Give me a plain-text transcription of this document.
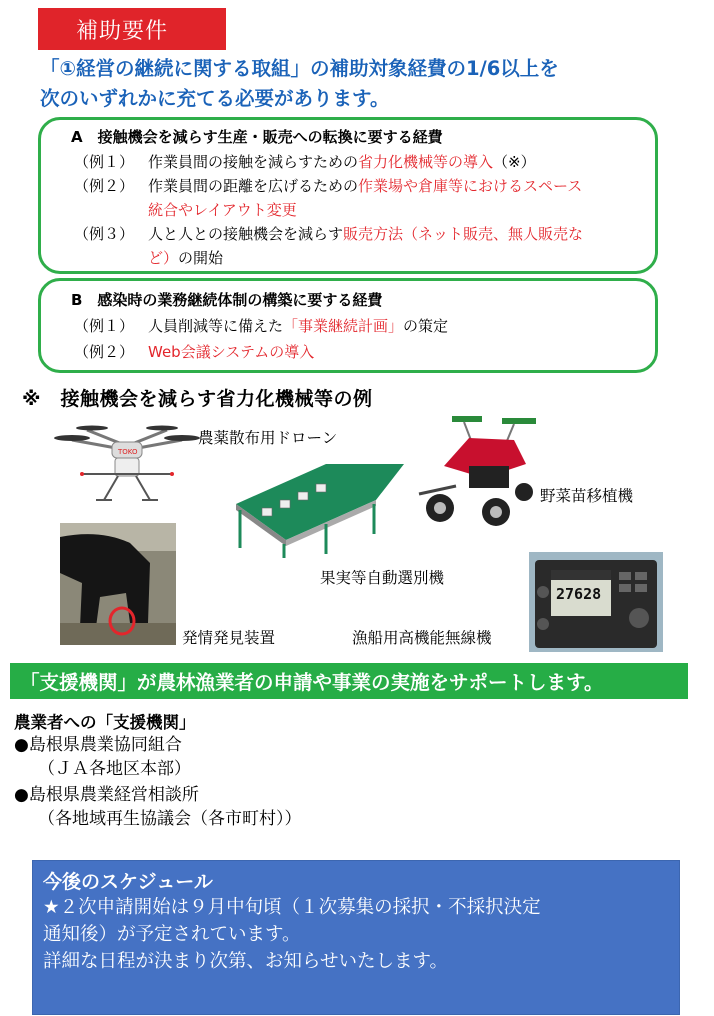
補助要件
「①経営の継続に関する取組」の補助対象経費の1/6以上を
次のいずれかに充てる必要があります。
A　接触機会を減らす生産・販売への転換に要する経費
（例１） 作業員間の接触を減らすための省力化機械等の導入（※）
（例２） 作業員間の距離を広げるための作業場や倉庫等におけるスペース
統合やレイアウト変更
（例３） 人と人との接触機会を減らす販売方法（ネット販売、無人販売な
ど）の開始
B　感染時の業務継続体制の構築に要する経費
（例１） 人員削減等に備えた「事業継続計画」の策定
（例２） Web会議システムの導入
※　接触機会を減らす省力化機械等の例
TOKO
農薬散布用ドローン
野菜苗移植機
果実等自動選別機
発情発見装置
27628
漁船用高機能無線機
「支援機関」が農林漁業者の申請や事業の実施をサポートします。
農業者への「支援機関」
●島根県農業協同組合
（ＪＡ各地区本部）
●島根県農業経営相談所
（各地域再生協議会（各市町村））
今後のスケジュール
★２次申請開始は９月中旬頃（１次募集の採択・不採択決定
通知後）が予定されています。
詳細な日程が決まり次第、お知らせいたします。
